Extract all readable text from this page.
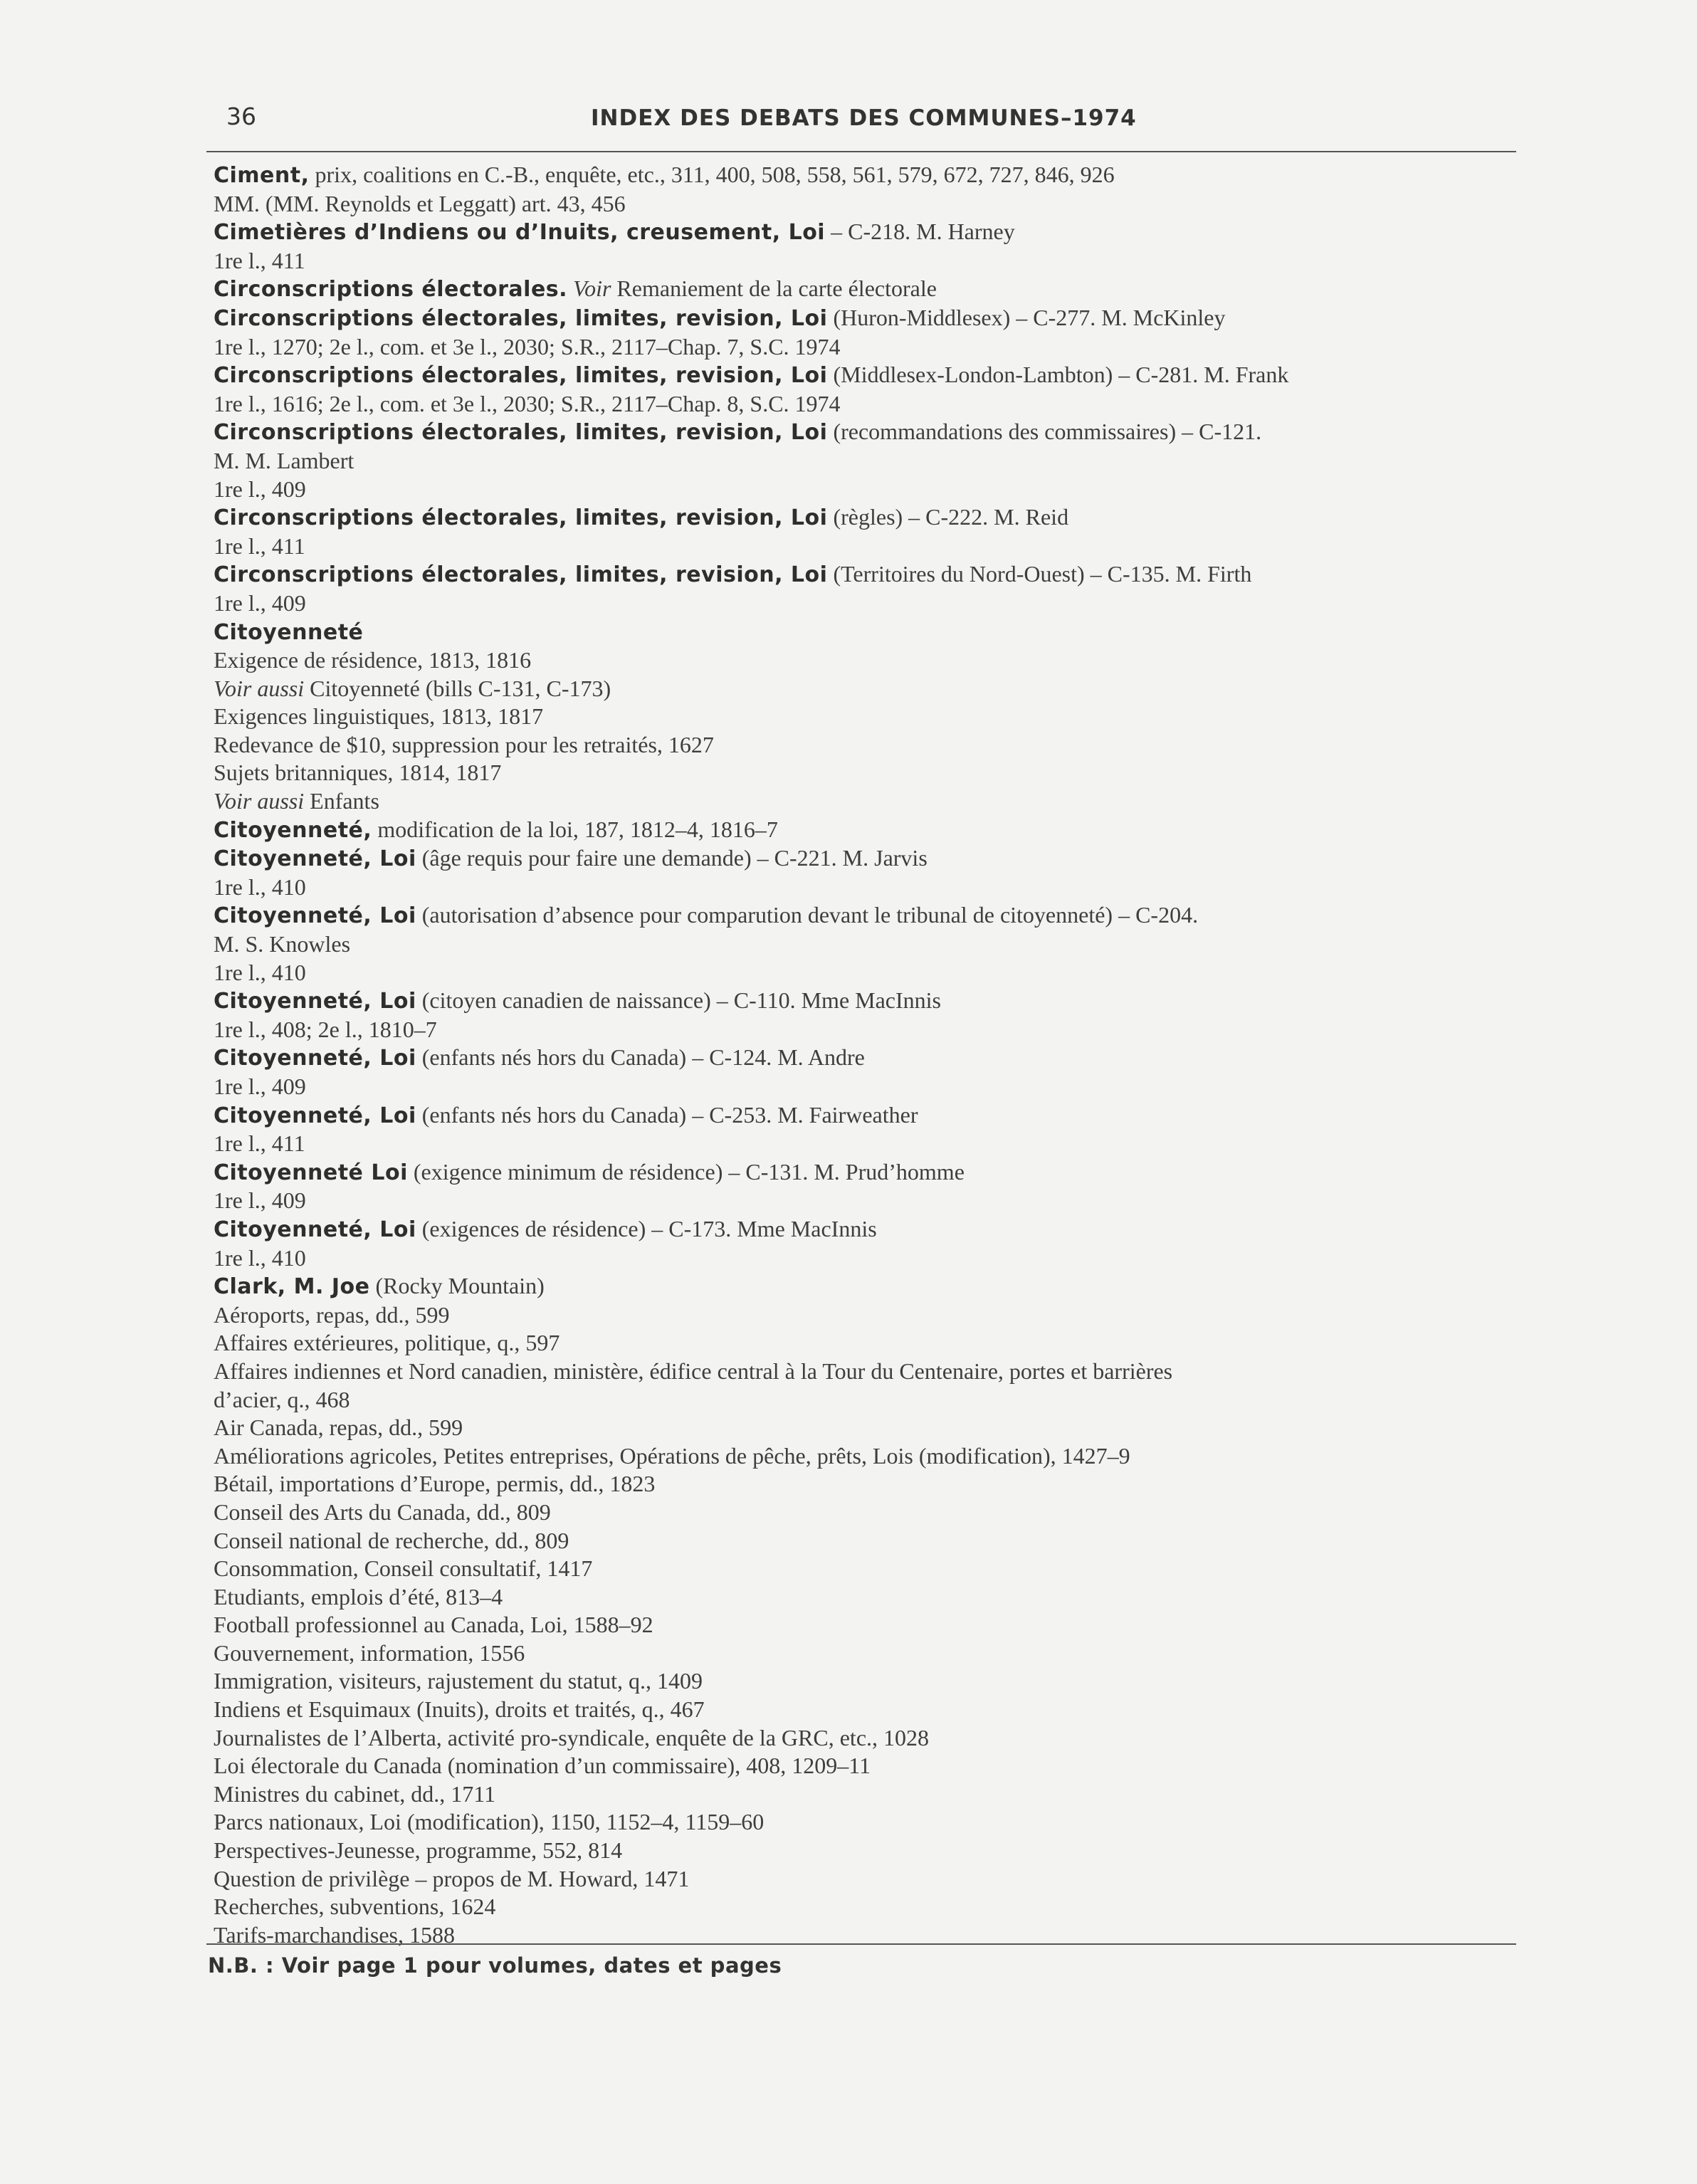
36	INDEX DES DEBATS DES COMMUNES–1974
Ciment, prix, coalitions en C.-B., enquête, etc., 311, 400, 508, 558, 561, 579, 672, 727, 846, 926
MM. (MM. Reynolds et Leggatt) art. 43, 456
Cimetières d’Indiens ou d’Inuits, creusement, Loi – C-218. M. Harney
1re l., 411
Circonscriptions électorales. Voir Remaniement de la carte électorale
Circonscriptions électorales, limites, revision, Loi (Huron-Middlesex) – C-277. M. McKinley
1re l., 1270; 2e l., com. et 3e l., 2030; S.R., 2117–Chap. 7, S.C. 1974
Circonscriptions électorales, limites, revision, Loi (Middlesex-London-Lambton) – C-281. M. Frank
1re l., 1616; 2e l., com. et 3e l., 2030; S.R., 2117–Chap. 8, S.C. 1974
Circonscriptions électorales, limites, revision, Loi (recommandations des commissaires) – C-121.
M. M. Lambert
1re l., 409
Circonscriptions électorales, limites, revision, Loi (règles) – C-222. M. Reid
1re l., 411
Circonscriptions électorales, limites, revision, Loi (Territoires du Nord-Ouest) – C-135. M. Firth
1re l., 409
Citoyenneté
Exigence de résidence, 1813, 1816
Voir aussi Citoyenneté (bills C-131, C-173)
Exigences linguistiques, 1813, 1817
Redevance de $10, suppression pour les retraités, 1627
Sujets britanniques, 1814, 1817
Voir aussi Enfants
Citoyenneté, modification de la loi, 187, 1812–4, 1816–7
Citoyenneté, Loi (âge requis pour faire une demande) – C-221. M. Jarvis
1re l., 410
Citoyenneté, Loi (autorisation d’absence pour comparution devant le tribunal de citoyenneté) – C-204.
M. S. Knowles
1re l., 410
Citoyenneté, Loi (citoyen canadien de naissance) – C-110. Mme MacInnis
1re l., 408; 2e l., 1810–7
Citoyenneté, Loi (enfants nés hors du Canada) – C-124. M. Andre
1re l., 409
Citoyenneté, Loi (enfants nés hors du Canada) – C-253. M. Fairweather
1re l., 411
Citoyenneté Loi (exigence minimum de résidence) – C-131. M. Prud’homme
1re l., 409
Citoyenneté, Loi (exigences de résidence) – C-173. Mme MacInnis
1re l., 410
Clark, M. Joe (Rocky Mountain)
Aéroports, repas, dd., 599
Affaires extérieures, politique, q., 597
Affaires indiennes et Nord canadien, ministère, édifice central à la Tour du Centenaire, portes et barrières
d’acier, q., 468
Air Canada, repas, dd., 599
Améliorations agricoles, Petites entreprises, Opérations de pêche, prêts, Lois (modification), 1427–9
Bétail, importations d’Europe, permis, dd., 1823
Conseil des Arts du Canada, dd., 809
Conseil national de recherche, dd., 809
Consommation, Conseil consultatif, 1417
Etudiants, emplois d’été, 813–4
Football professionnel au Canada, Loi, 1588–92
Gouvernement, information, 1556
Immigration, visiteurs, rajustement du statut, q., 1409
Indiens et Esquimaux (Inuits), droits et traités, q., 467
Journalistes de l’Alberta, activité pro-syndicale, enquête de la GRC, etc., 1028
Loi électorale du Canada (nomination d’un commissaire), 408, 1209–11
Ministres du cabinet, dd., 1711
Parcs nationaux, Loi (modification), 1150, 1152–4, 1159–60
Perspectives-Jeunesse, programme, 552, 814
Question de privilège – propos de M. Howard, 1471
Recherches, subventions, 1624
Tarifs-marchandises, 1588
N.B. : Voir page 1 pour volumes, dates et pages
